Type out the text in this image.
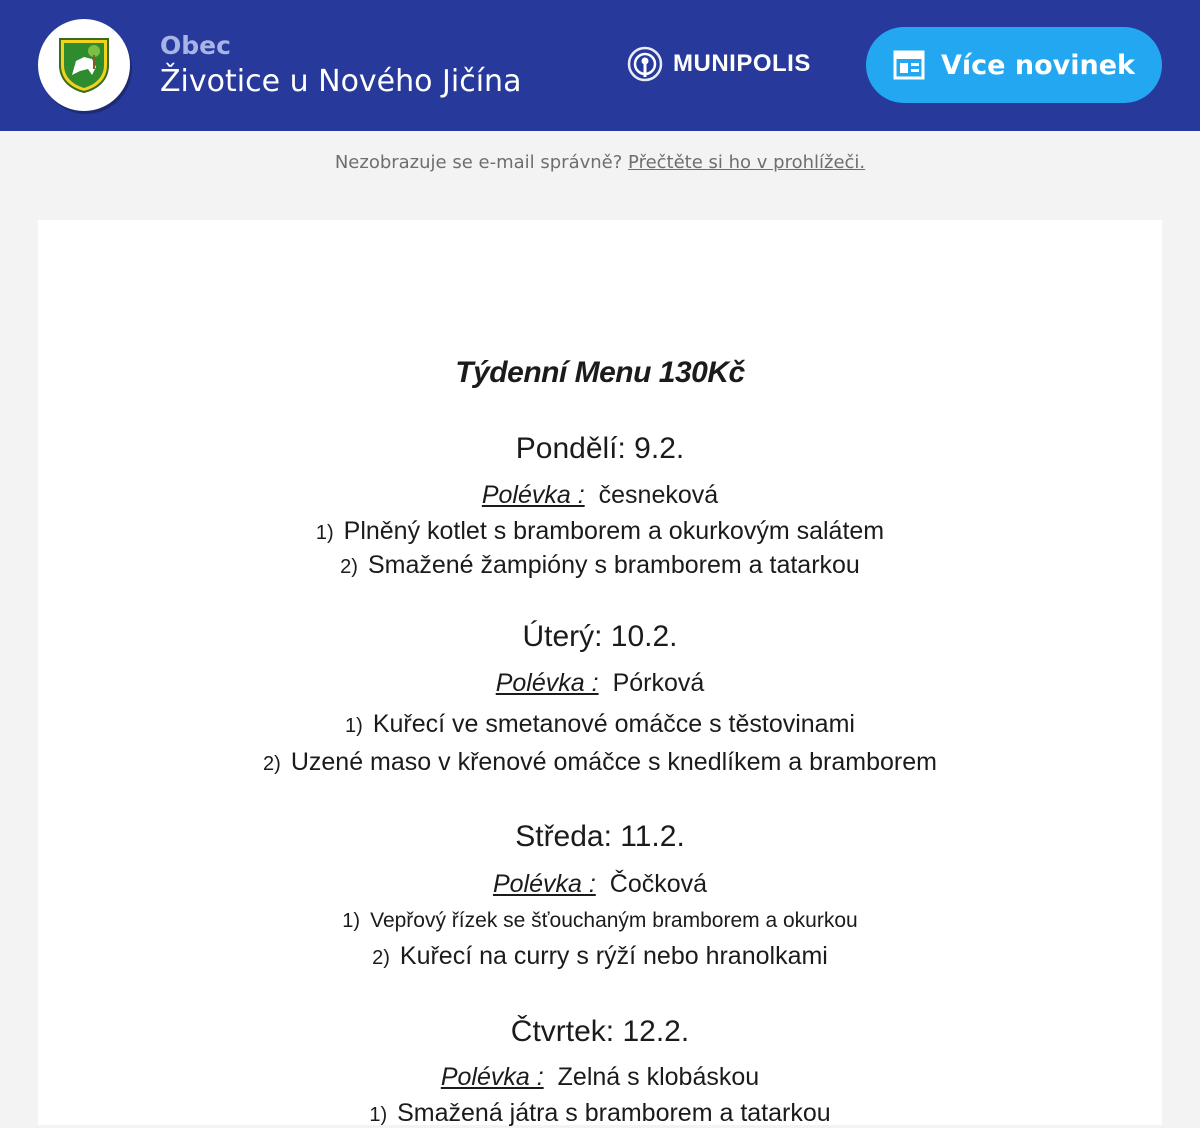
Obec
Životice u Nového Jičína
MUNIPOLIS	Více novinek
Nezobrazuje se e-mail správně? Přečtěte si ho v prohlížeči.
Týdenní Menu 130Kč
Pondělí: 9.2.
Polévka : česneková
1) Plněný kotlet s bramborem a okurkovým salátem
2) Smažené žampióny s bramborem a tatarkou
Úterý: 10.2.
Polévka : Pórková
1) Kuřecí ve smetanové omáčce s těstovinami
2) Uzené maso v křenové omáčce s knedlíkem a bramborem
Středa: 11.2.
Polévka : Čočková
1) Vepřový řízek se šťouchaným bramborem a okurkou
2) Kuřecí na curry s rýží nebo hranolkami
Čtvrtek: 12.2.
Polévka : Zelná s klobáskou
1) Smažená játra s bramborem a tatarkou
